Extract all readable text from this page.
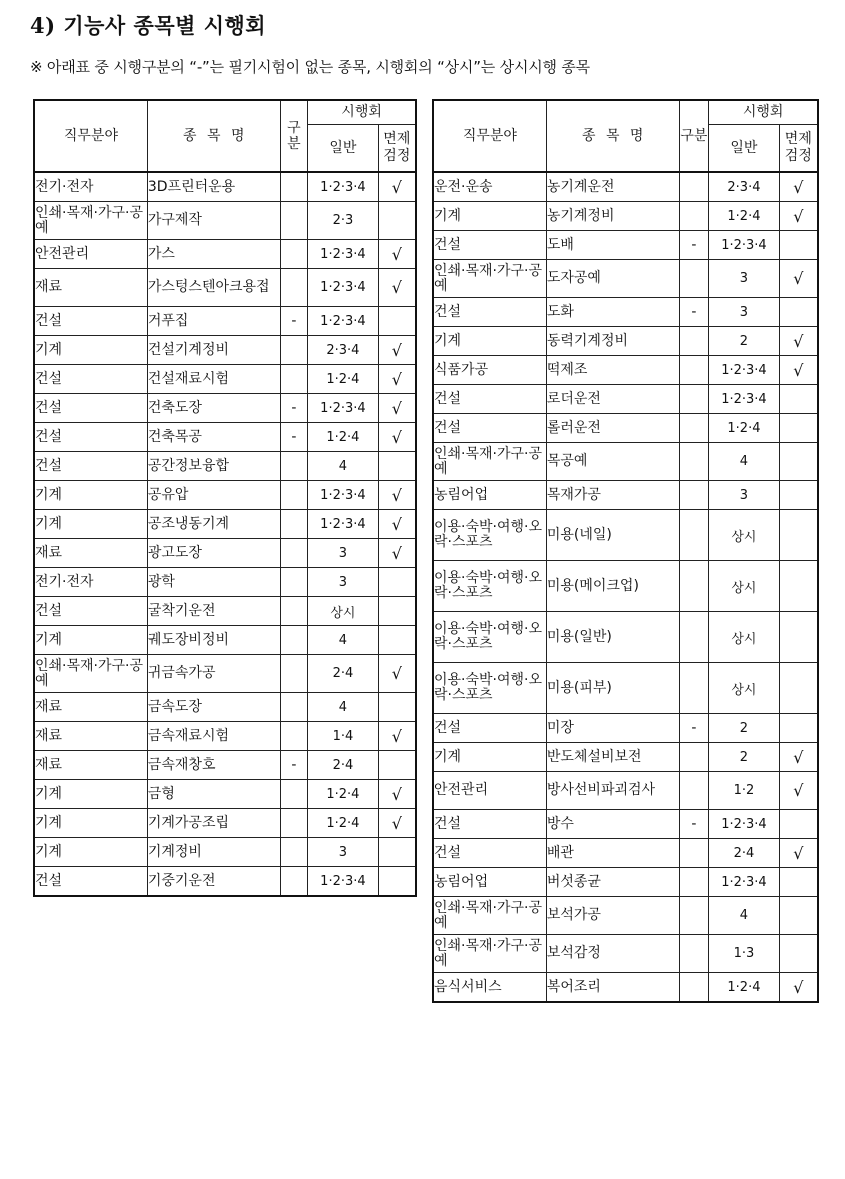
4) 기능사 종목별 시행회

※ 아래표 중 시행구분의 “-”는 필기시험이 없는 종목, 시행회의 “상시”는 상시시행 종목

직무분야	종 목 명	구분	시행회	
			일반	면제검정

전기·전자	3D프린터운용		1·2·3·4	√

인쇄·목재·가구·공예	가구제작		2·3	

안전관리	가스		1·2·3·4	√

재료	가스텅스텐아크용접		1·2·3·4	√

건설	거푸집	-	1·2·3·4	

기계	건설기계정비		2·3·4	√

건설	건설재료시험		1·2·4	√

건설	건축도장	-	1·2·3·4	√

건설	건축목공	-	1·2·4	√

건설	공간정보융합		4	

기계	공유압		1·2·3·4	√

기계	공조냉동기계		1·2·3·4	√

재료	광고도장		3	√

전기·전자	광학		3	

건설	굴착기운전		상시	

기계	궤도장비정비		4	

인쇄·목재·가구·공예	귀금속가공		2·4	√

재료	금속도장		4	

재료	금속재료시험		1·4	√

재료	금속재창호	-	2·4	

기계	금형		1·2·4	√

기계	기계가공조립		1·2·4	√

기계	기계정비		3	

건설	기중기운전		1·2·3·4	
직무분야	종 목 명	구분	시행회	
			일반	면제검정

운전·운송	농기계운전		2·3·4	√

기계	농기계정비		1·2·4	√

건설	도배	-	1·2·3·4	

인쇄·목재·가구·공예	도자공예		3	√

건설	도화	-	3	

기계	동력기계정비		2	√

식품가공	떡제조		1·2·3·4	√

건설	로더운전		1·2·3·4	

건설	롤러운전		1·2·4	

인쇄·목재·가구·공예	목공예		4	

농림어업	목재가공		3	

이용·숙박·여행·오락·스포츠	미용(네일)		상시	

이용·숙박·여행·오락·스포츠	미용(메이크업)		상시	

이용·숙박·여행·오락·스포츠	미용(일반)		상시	

이용·숙박·여행·오락·스포츠	미용(피부)		상시	

건설	미장	-	2	

기계	반도체설비보전		2	√

안전관리	방사선비파괴검사		1·2	√

건설	방수	-	1·2·3·4	

건설	배관		2·4	√

농림어업	버섯종균		1·2·3·4	

인쇄·목재·가구·공예	보석가공		4	

인쇄·목재·가구·공예	보석감정		1·3	

음식서비스	복어조리		1·2·4	√
